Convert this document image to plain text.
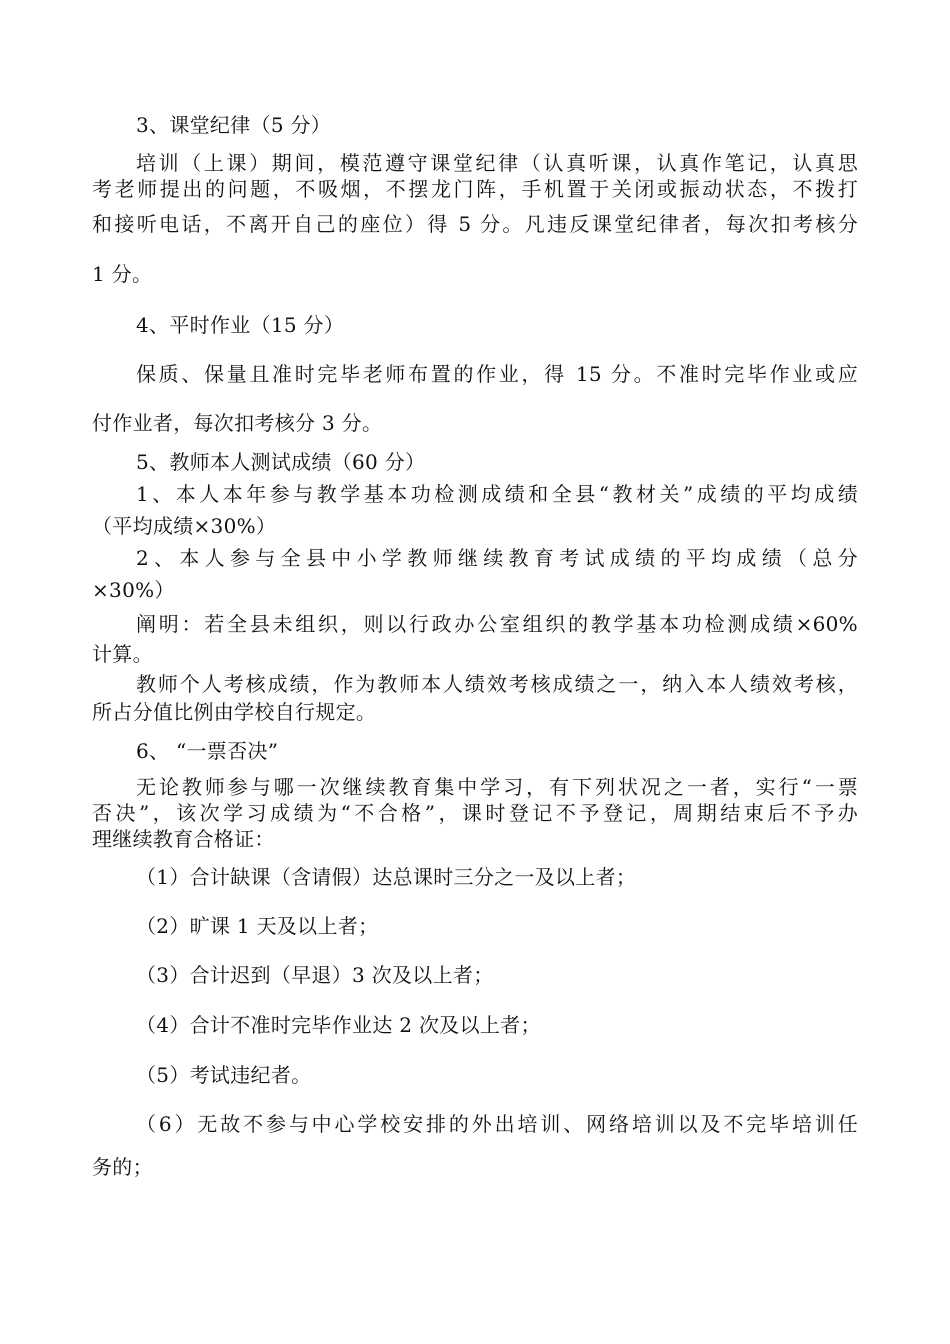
3、课堂纪律（5 分）

培训（上课）期间，模范遵守课堂纪律（认真听课，认真作笔记，认真思

考老师提出的问题，不吸烟，不摆龙门阵，手机置于关闭或振动状态，不拨打

和接听电话，不离开自己的座位）得 5 分。凡违反课堂纪律者，每次扣考核分

1 分。

4、平时作业（15 分）

保质、保量且准时完毕老师布置的作业，得 15 分。不准时完毕作业或应

付作业者，每次扣考核分 3 分。

5、教师本人测试成绩（60 分）

1、本人本年参与教学基本功检测成绩和全县“教材关”成绩的平均成绩

（平均成绩×30%）

2、本人参与全县中小学教师继续教育考试成绩的平均成绩（总分

×30%）

阐明：若全县未组织，则以行政办公室组织的教学基本功检测成绩×60%

计算。

教师个人考核成绩，作为教师本人绩效考核成绩之一，纳入本人绩效考核，

所占分值比例由学校自行规定。

6、 “一票否决”

无论教师参与哪一次继续教育集中学习，有下列状况之一者，实行“一票

否决”，该次学习成绩为“不合格”，课时登记不予登记，周期结束后不予办

理继续教育合格证：

（1）合计缺课（含请假）达总课时三分之一及以上者；

（2）旷课 1 天及以上者；

（3）合计迟到（早退）3 次及以上者；

（4）合计不准时完毕作业达 2 次及以上者；

（5）考试违纪者。

（6）无故不参与中心学校安排的外出培训、网络培训以及不完毕培训任

务的；
